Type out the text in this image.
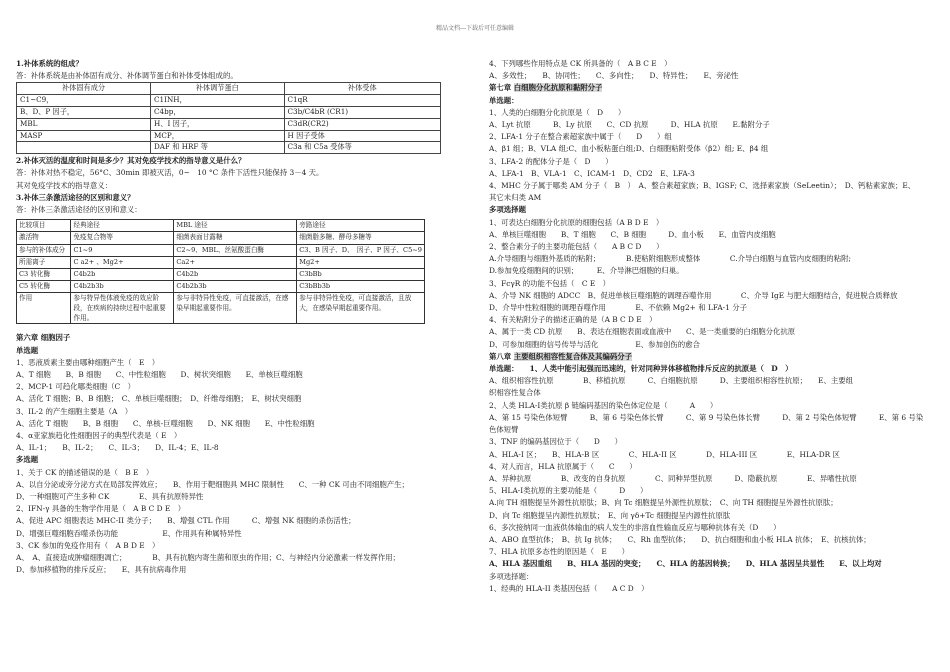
精品文档---下载后可任意编辑
1.补体系统的组成？
答：补体系统是由补体固有成分、补体调节蛋白和补体受体组成的。
补体固有成分	补体调节蛋白	补体受体
C1~C9，	C1INH，	C1qR
B、D、P 因子，	C4bp，	C3b/C4bR (CR1)
MBL	H、I 因子，	C3dR(CR2)
MASP	MCP，	H 因子受体
	DAF 和 HRF 等	C3a 和 C5a 受体等
2.补体灭活的温度和时间是多少？其对免疫学技术的指导意义是什么？
答：补体对热不稳定，56°C、30min 即被灭活，0~　10 °C 条件下活性只能保持 3－4 天。
其对免疫学技术的指导意义：
3.补体三条激活途径的区别和意义？
答：补体三条激活途径的区别和意义：
比较项目	经典途径	MBL 途径	旁路途径
激活物	免疫复合物等	细菌表面甘露糖	细菌脂多糖、酵母多糖等
参与的补体成分	C1~9	C2~9、MBL、丝氨酸蛋白酶	C3、B 因子、D、　因子、P 因子、C5~9
所需离子	C a2+ 、Mg2+	Ca2+	Mg2+
C3 转化酶	C4b2b	C4b2b	C3bBb
C5 转化酶	C4b2b3b	C4b2b3b	C3bBb3b
作用	参与特异性体液免疫的效应阶段，在疾病的持续过程中起重要作用。	参与非特异性免疫，可直接激活，在感染早期起重要作用。	参与非特异性免疫，可直接激活，且放大，在感染早期起重要作用。
第六章 细胞因子
单选题
1、恶液质素主要由哪种细胞产生（　E　）
A、T 细胞　　B、B 细胞　　C、中性粒细胞　　D、树状突细胞　　E、单核巨噬细胞
2、MCP-1 可趋化哪类细胞（C　）
A、活化 T 细胞；B、B 细胞；　C、单核巨噬细胞；　D、纤维母细胞；　E、树状突细胞
3、IL-2 的产生细胞主要是（A　）
A、活化 T 细胞　　B、B 细胞　　C、单核-巨噬细胞　　D、NK 细胞　　E、中性粒细胞
4、α亚家族趋化性细胞因子的典型代表是（ E　）
A、IL-1；　　B、IL-2；　　C、IL-3；　　D、IL-4；E、IL-8
多选题
1、关于 CK 的描述错误的是（　B E　）
A、以自分泌或旁分泌方式在局部发挥效应；　　B、作用于靶细胞具 MHC 限制性　　C、一种 CK 可由不同细胞产生；
D、一种细胞可产生多种 CK　　　　E、具有抗原特异性
2、IFN-γ 具备的生物学作用是（　A B C D E　）
A、促进 APC 细胞表达 MHC-II 类分子；　　B、增强 CTL 作用　　　C、增强 NK 细胞的杀伤活性；
D、增强巨噬细胞吞噬杀伤功能　　　　　　E、作用具有种属特异性
3、CK 参加的免疫作用有（　A B D E　）
A、　A、直接造成肿瘤细胞凋亡；　　　　B、具有抗胞内寄生菌和原虫的作用；C、与神经内分泌激素一样发挥作用；
D、参加移植物的排斥反应；　　E、具有抗病毒作用
4、下列哪些作用特点是 CK 所具备的（　A B C E　）
A、多效性；　　B、协同性；　　C、多向性；　　D、特异性；　　E、旁泌性
第七章 白细胞分化抗原和黏附分子
单选题：
1、人类的白细胞分化抗原是（　D　　）
A、Lyt 抗原　　　B、Ly 抗原　　C、CD 抗原　　　D、HLA 抗原　　E.黏附分子
2、LFA-1 分子在整合素超家族中属于（　　D　　）组
A、β1 组；B、VLA 组;C、血小板粘蛋白组;D、白细胞粘附受体（β2）组; E、β4 组
3、LFA-2 的配体分子是（　D　　）
A、LFA-1　B、VLA-1　C、ICAM-1　D、CD2　E、LFA-3
4、MHC 分子属于哪类 AM 分子（　B　）　A、整合素超家族；B、IGSF; C、选择素家族（SeLeetin）；　D、钙粘素家族；E、
其它未归类 AM
多项选择题
1、可表达白细胞分化抗原的细胞包括（A B D E　）
A、单核巨噬细胞　　B、T 细胞　　C、B 细胞　　　D、血小板　　E、血管内皮细胞
2、整合素分子的主要功能包括（　　A B C D　　）
A.介导细胞与细胞外基质的粘附；　　　　B.使粘附细胞形成整体　　　　C.介导白细胞与血管内皮细胞的粘附;
D.参加免疫细胞间的识别；　　　E、介导淋巴细胞的归巢。
3、FcγR 的功能不包括（　C E　）
A、介导 NK 细胞的 ADCC　B、促进单核巨噬细胞的调理吞噬作用　　　　C、介导 IgE 与肥大细胞结合，促进脱合质释放
D、介导中性粒细胞的调理吞噬作用　　　　E、不依赖 Mg2+ 和 LFA-1 分子
4、有关粘附分子的描述正确的是（A B C D E　）
A、属于一类 CD 抗原　　B、表达在细胞表面或血液中　　C、是一类重要的白细胞分化抗原
D、可参加细胞的信号传导与活化　　　　　E、参加创伤的愈合
第八章 主要组织相容性复合体及其编码分子
单选题：　　1、人类中能引起强而迅速的，针对同种异体移植物排斥反应的抗原是（　D　）
A、组织相容性抗原　　　　B、移植抗原　　　C、白细胞抗原　　　D、主要组织相容性抗原；　　E、主要组
织相容性复合体
2、人类 HLA-Ⅰ类抗原 β 链编码基因的染色体定位是（　　　A　　）
A、第 15 号染色体短臂　　　B、第 6 号染色体长臂　　　C、第 9 号染色体长臂　　　D、第 2 号染色体短臂　　　E、第 6 号染
色体短臂
3、TNF 的编码基因位于（　　D　　）
A、HLA-I 区；　　B、HLA-B 区　　　　C、HLA-II 区　　　　D、HLA-III 区　　　　E、HLA-DR 区
4、对人而言，HLA 抗原属于（　　C　　）
A、异种抗原　　　　B、改变的自身抗原　　　　C、同种异型抗原　　　D、隐蔽抗原　　　　E、异嗜性抗原
5、HLA-Ⅰ类抗原的主要功能是（　　　D　　）
A.向 TH 细胞提呈外源性抗原肽；B、向 Tc 细胞提呈外源性抗原肽；　C、向 TH 细胞提呈外源性抗原肽；
D、向 Tc 细胞提呈内源性抗原肽；　E、向 γδ+Tc 细胞提呈内源性抗原肽
6、多次接纳同一血液供体输血的病人发生的非溶血性输血反应与哪种抗体有关（D　　）
A、ABO 血型抗体；　B、抗 Ig 抗体；　　C、Rh 血型抗体；　　D、抗白细胞和血小板 HLA 抗体；　E、抗核抗体；
7、HLA 抗原多态性的原因是（　E　　）
A、HLA 基因重组　　B、HLA 基因的突变；　　C、HLA 的基因转换；　　D、HLA 基因呈共显性　　E、以上均对
多项选择题：
1、经典的 HLA-II 类基因包括（　　A C D　）
